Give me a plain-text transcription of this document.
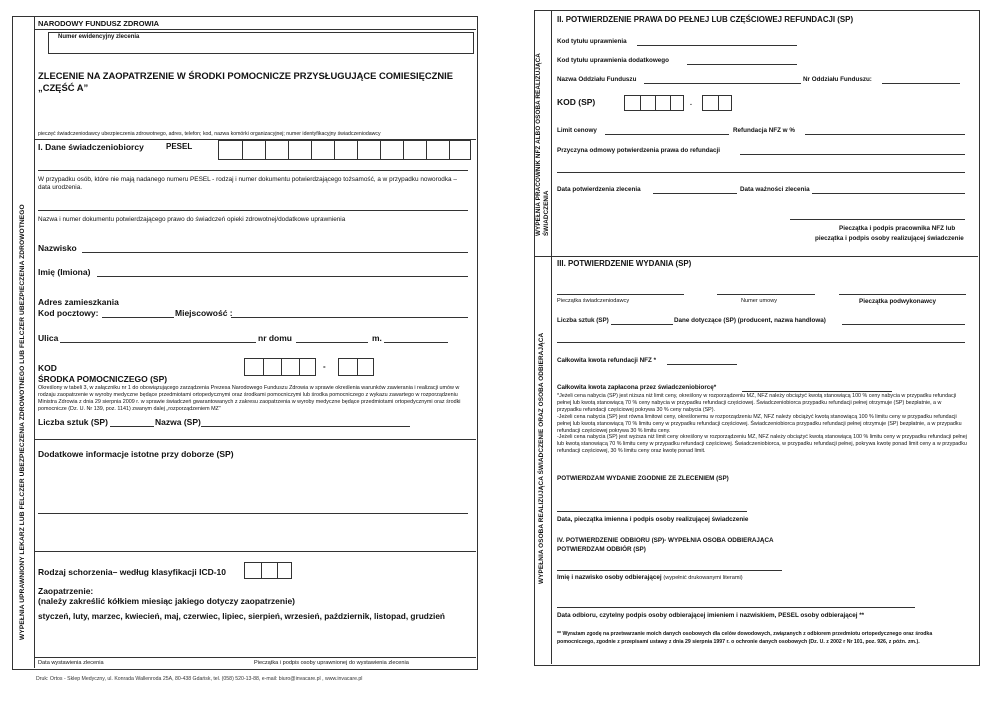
WYPEŁNIA UPRAWNIONY LEKARZ LUB FELCZER UBEZPIECZENIA ZDROWOTNEGO LUB FELCZER UBEZPIECZENIA ZDROWOTNEGO
NARODOWY FUNDUSZ ZDROWIA
Numer ewidencyjny zlecenia
ZLECENIE NA ZAOPATRZENIE W ŚRODKI POMOCNICZE PRZYSŁUGUJĄCE COMIESIĘCZNIE
„CZĘŚĆ A”
pieczęć świadczeniodawcy ubezpieczenia zdrowotnego, adres, telefon; kod, nazwa komórki organizacyjnej; numer identyfikacyjny świadczeniodawcy
I. Dane świadczeniobiorcy	PESEL
W przypadku osób, które nie mają nadanego numeru PESEL - rodzaj i numer dokumentu potwierdzającego tożsamość, a w przypadku noworodka – data urodzenia.
Nazwa i numer dokumentu potwierdzającego prawo do świadczeń opieki zdrowotnej/dodatkowe uprawnienia
Nazwisko
Imię (Imiona)
Adres zamieszkania
Kod pocztowy:	Miejscowość :
Ulica	nr domu	m.
KOD
ŚRODKA POMOCNICZEGO (SP)
-
Określony w tabeli 3, w załączniku nr 1 do obowiązującego zarządzenia Prezesa Narodowego Funduszu Zdrowia w sprawie określenia warunków zawierania i realizacji umów w rodzaju zaopatrzenie w wyroby medyczne będące przedmiotami ortopedycznymi oraz środkami pomocniczymi lub środka pomocniczego z wykazu zawartego w rozporządzeniu Ministra Zdrowia z dnia 29 sierpnia 2009 r. w sprawie świadczeń gwarantowanych z zakresu zaopatrzenia w wyroby medyczne będące przedmiotami ortopedycznymi oraz środki pomocnicze (Dz. U. Nr 139, poz. 1141) zwanym dalej „rozporządzeniem MZ”
Liczba sztuk (SP)	Nazwa (SP)
Dodatkowe informacje istotne przy doborze (SP)
Rodzaj schorzenia– według klasyfikacji ICD-10
Zaopatrzenie:
(należy zakreślić kółkiem miesiąc jakiego dotyczy zaopatrzenie)
styczeń, luty, marzec, kwiecień, maj, czerwiec, lipiec, sierpień, wrzesień, październik, listopad, grudzień
Data wystawienia zlecenia	Pieczątka i podpis osoby uprawnionej do wystawienia zlecenia
Druk: Ortos - Sklep Medyczny, ul. Konrada Wallenroda 25A, 80-438 Gdańsk, tel. (058) 520-13-88, e-mail: biuro@invacare.pl , www.invacare.pl
WYPEŁNIA PRACOWNIK NFZ ALBO OSOBA REALIZUJĄCA ŚWIADCZENIA
WYPEŁNIA OSOBA REALIZUJĄCA ŚWIADCZENIE ORAZ OSOBA ODBIERAJĄCA
II. POTWIERDZENIE PRAWA DO PEŁNEJ LUB CZĘŚCIOWEJ REFUNDACJI (SP)
Kod tytułu uprawnienia
Kod tytułu uprawnienia dodatkowego
Nazwa Oddziału Funduszu	Nr Oddziału Funduszu:
KOD (SP)	.
Limit cenowy	Refundacja NFZ w %
Przyczyna odmowy potwierdzenia prawa do refundacji
Data potwierdzenia zlecenia	Data ważności zlecenia
Pieczątka i podpis pracownika NFZ lub
pieczątka i podpis osoby realizującej świadczenie
III. POTWIERDZENIE WYDANIA (SP)
Pieczątka świadczeniodawcy	Numer umowy	Pieczątka podwykonawcy
Liczba sztuk (SP)	Dane dotyczące (SP) (producent, nazwa handlowa)
Całkowita kwota refundacji NFZ *
Całkowita kwota zapłacona przez świadczeniobiorcę*
*Jeżeli cena nabycia (SP) jest niższa niż limit ceny, określony w rozporządzeniu MZ, NFZ należy obciążyć kwotą stanowiącą 100 % ceny nabycia w przypadku refundacji pełnej lub kwotą stanowiącą 70 % ceny nabycia w przypadku refundacji częściowej. Świadczeniobiorca przypadku refundacji pełnej otrzymuje (SP) bezpłatnie, a w przypadku refundacji częściowej pokrywa 30 % ceny nabycia (SP).
-Jeżeli cena nabycia (SP) jest równa limitowi ceny, określonemu w rozporządzeniu MZ, NFZ należy obciążyć kwotą stanowiącą 100 % limitu ceny w przypadku refundacji pełnej lub kwotą stanowiącą 70 % limitu ceny w przypadku refundacji częściowej. Świadczeniobiorca przypadku refundacji pełnej otrzymuje (SP) bezpłatnie, a w przypadku refundacji częściowej pokrywa 30 % limitu ceny.
-Jeżeli cena nabycia (SP) jest wyższa niż limit ceny określony w rozporządzeniu MZ, NFZ należy obciążyć kwotą stanowiącą 100 % limitu ceny w przypadku refundacji pełnej lub kwotą stanowiącą 70 % limitu ceny w przypadku refundacji częściowej. Świadczeniobiorca, w przypadku refundacji pełnej, pokrywa kwotę ponad limit ceny a w przypadku refundacji częściowej, 30 % limitu ceny oraz kwotę ponad limit.
POTWIERDZAM WYDANIE ZGODNIE ZE ZLECENIEM (SP)
Data, pieczątka imienna i podpis osoby realizującej świadczenie
IV. POTWIERDZENIE ODBIORU (SP)- WYPEŁNIA OSOBA ODBIERAJĄCA
POTWIERDZAM ODBIÓR (SP)
Imię i nazwisko osoby odbierającej (wypełnić drukowanymi literami)
Data odbioru, czytelny podpis osoby odbierającej imieniem i nazwiskiem, PESEL osoby odbierającej **
** Wyrażam zgodę na przetwarzanie moich danych osobowych dla celów dowodowych, związanych z odbiorem przedmiotu ortopedycznego oraz środka pomocniczego, zgodnie z przepisami ustawy z dnia 29 sierpnia 1997 r. o ochronie danych osobowych (Dz. U. z 2002 r Nr 101, poz. 926, z późn. zm.).
